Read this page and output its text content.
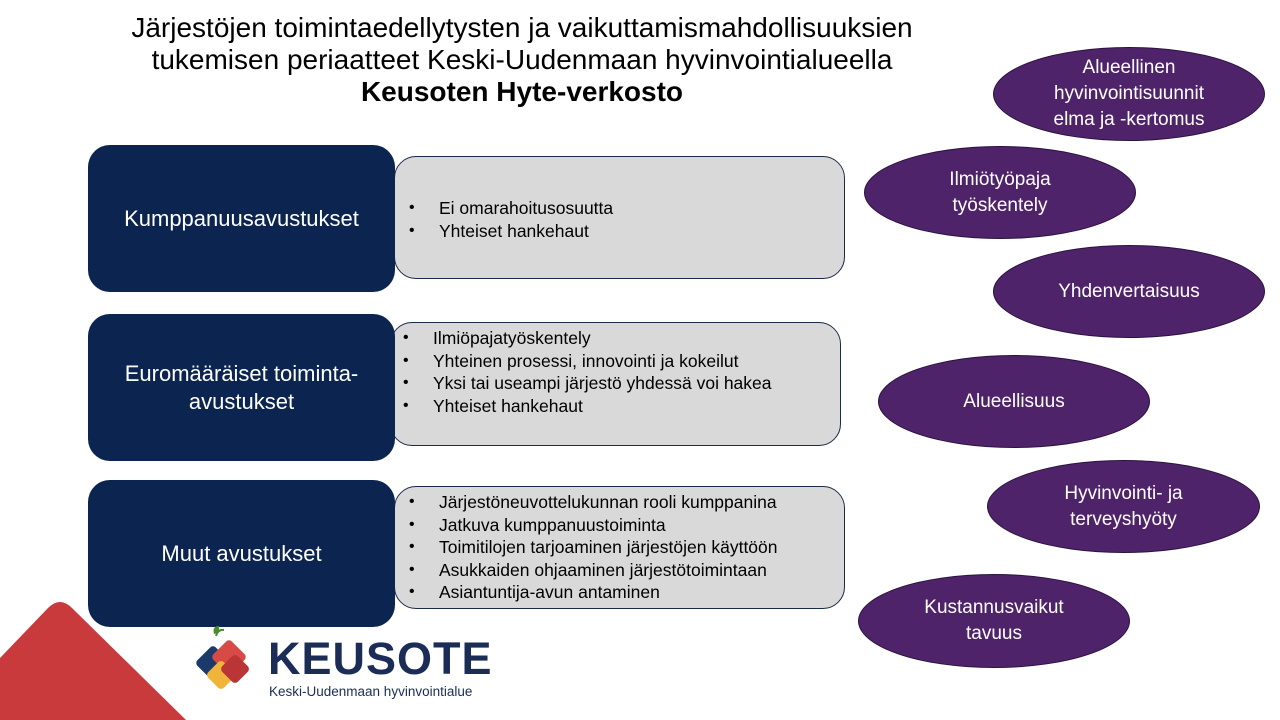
Järjestöjen toimintaedellytysten ja vaikuttamismahdollisuuksien
tukemisen periaatteet Keski-Uudenmaan hyvinvointialueella
Keusoten Hyte-verkosto
• Ei omarahoitusosuutta
• Yhteiset hankehaut
Kumppanuusavustukset
• Ilmiöpajatyöskentely
• Yhteinen prosessi, innovointi ja kokeilut
• Yksi tai useampi järjestö yhdessä voi hakea
• Yhteiset hankehaut
Euromääräiset toiminta-
avustukset
• Järjestöneuvottelukunnan rooli kumppanina
• Jatkuva kumppanuustoiminta
• Toimitilojen tarjoaminen järjestöjen käyttöön
• Asukkaiden ohjaaminen järjestötoimintaan
• Asiantuntija-avun antaminen
Muut avustukset
Alueellinen
hyvinvointisuunnit
elma ja -kertomus
Ilmiötyöpaja
työskentely
Yhdenvertaisuus
Alueellisuus
Hyvinvointi- ja
terveyshyöty
Kustannusvaikut
tavuus
KEUSOTE
Keski-Uudenmaan hyvinvointialue
